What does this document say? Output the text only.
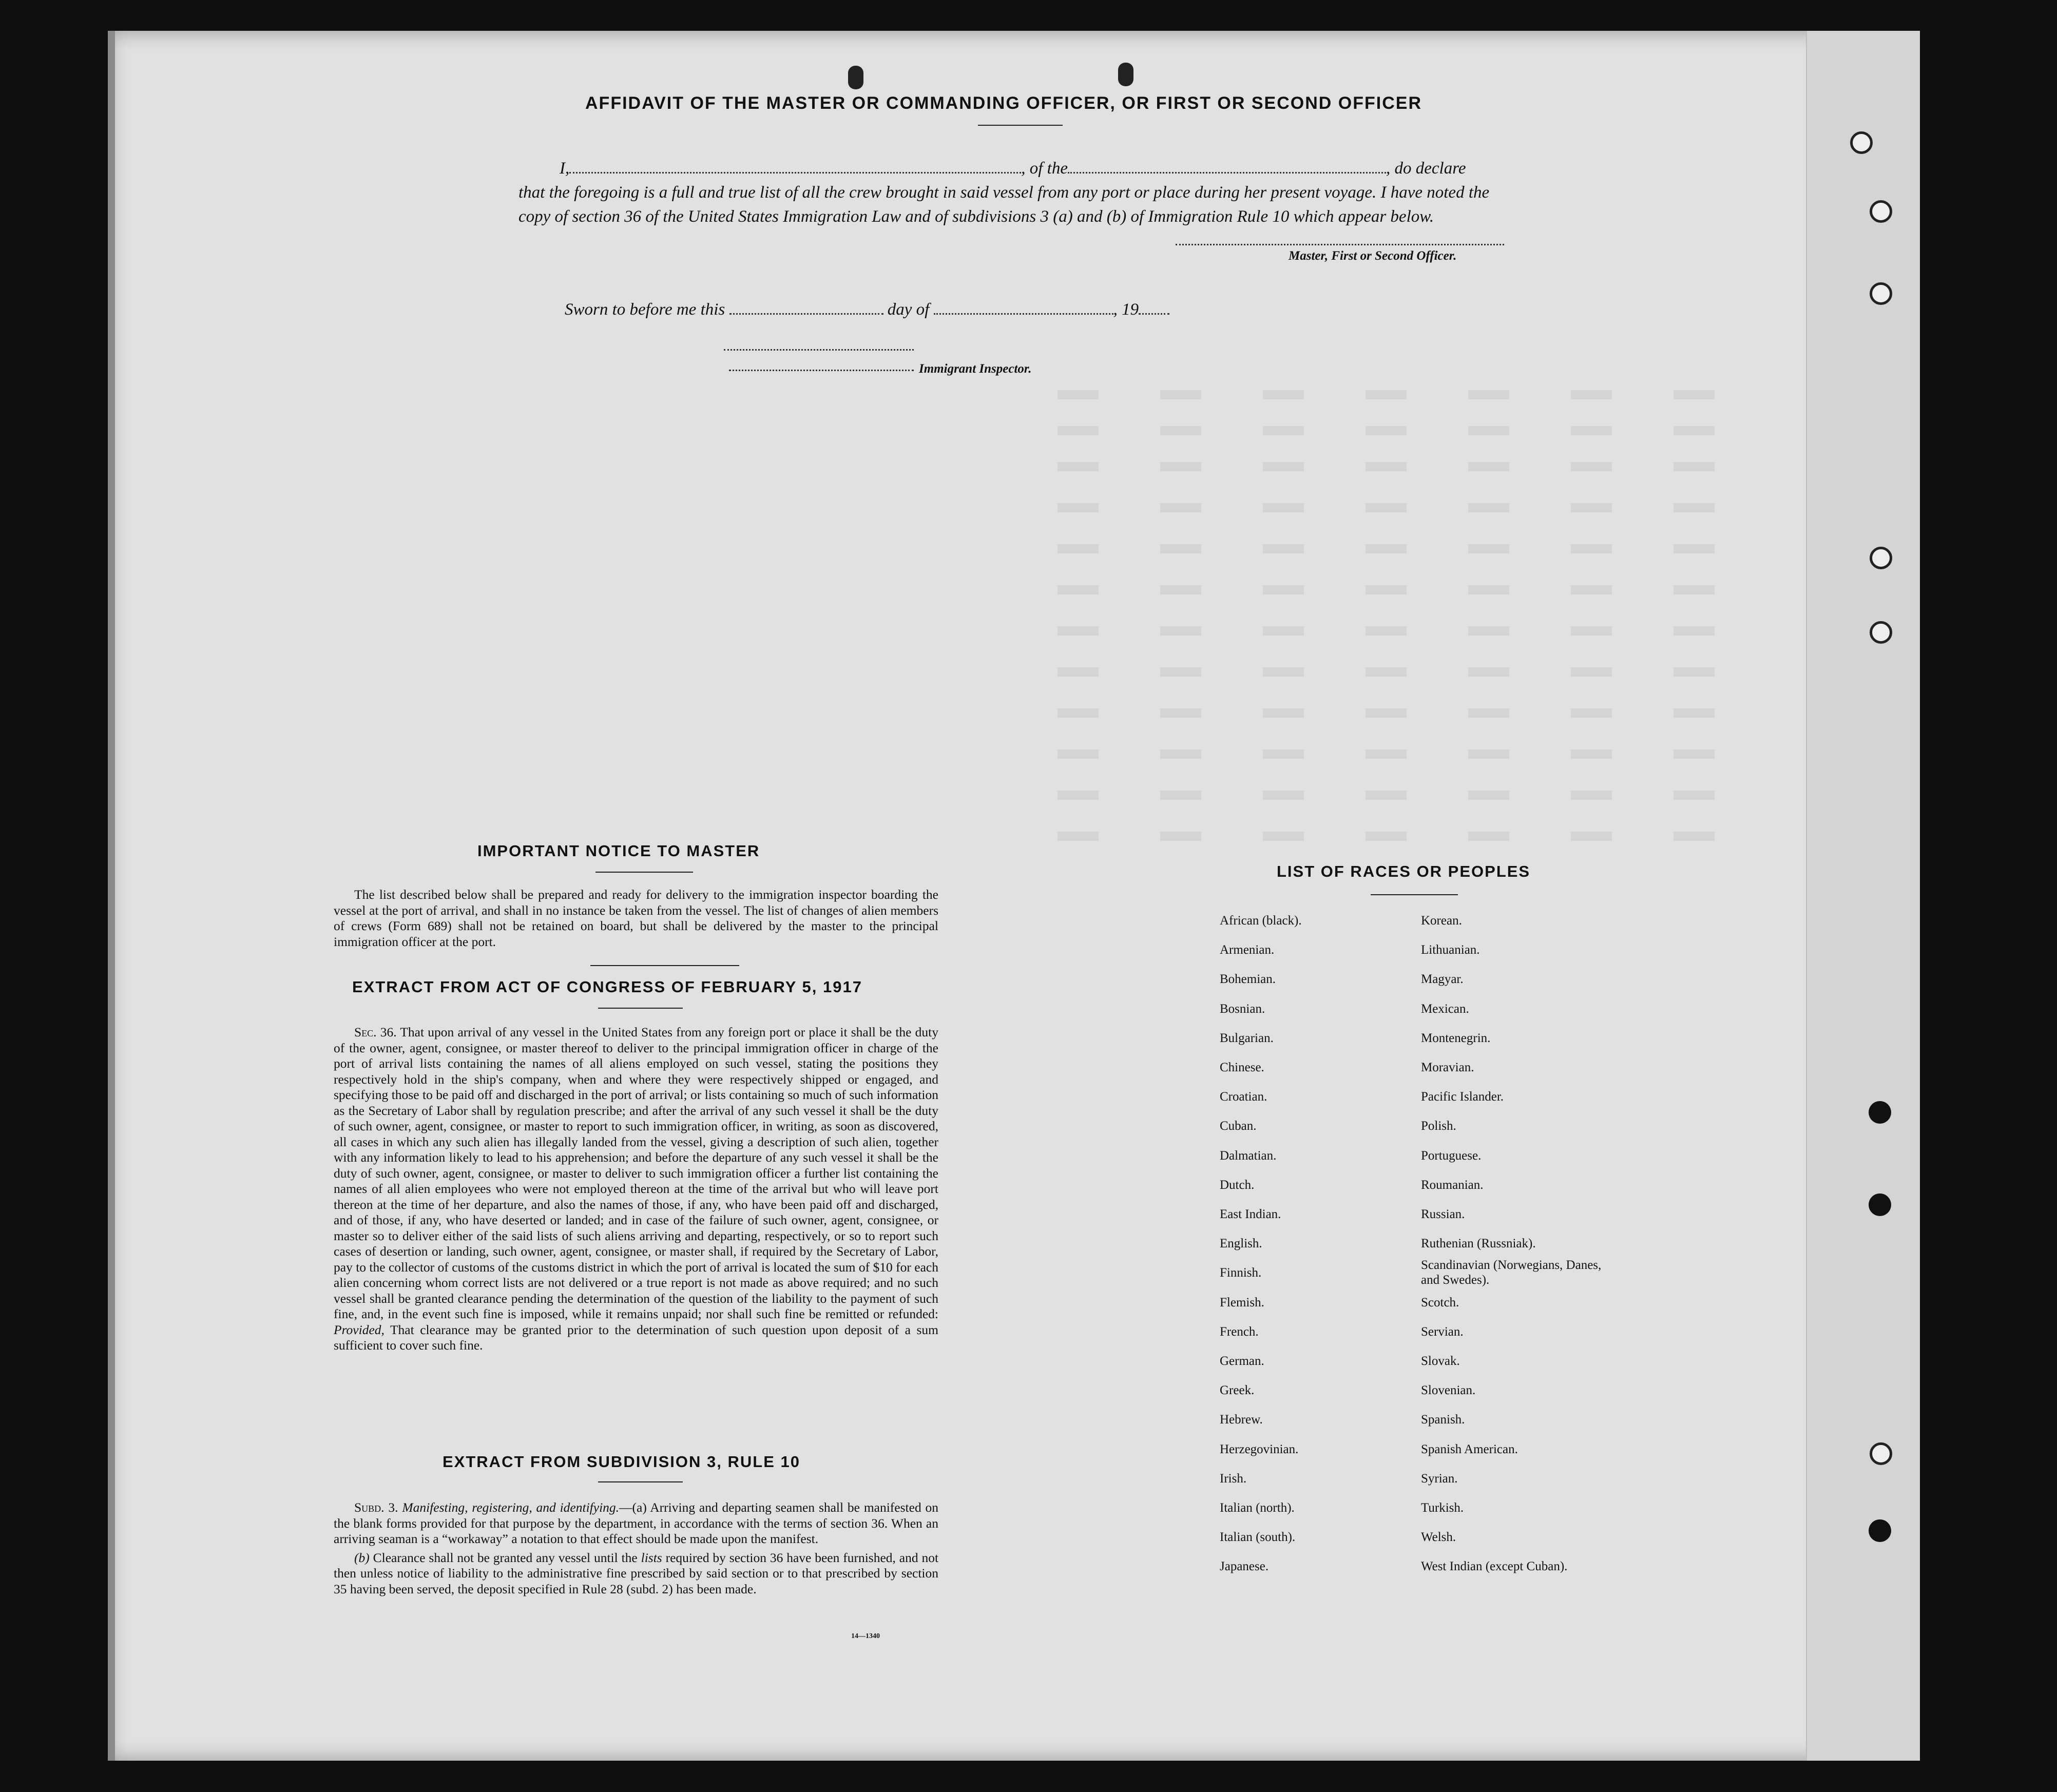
AFFIDAVIT OF THE MASTER OR COMMANDING OFFICER, OR FIRST OR SECOND OFFICER

I,	, of the	, do declare

that the foregoing is a full and true list of all the crew brought in said vessel from any port or place during her present voyage. I have noted the copy of section 36 of the United States Immigration Law and of subdivisions 3 (a) and (b) of Immigration Rule 10 which appear below.

Master, First or Second Officer.
Sworn to before me this	day of	, 19
Immigrant Inspector.
IMPORTANT NOTICE TO MASTER

The list described below shall be prepared and ready for delivery to the immigration inspector boarding the vessel at the port of arrival, and shall in no instance be taken from the vessel. The list of changes of alien members of crews (Form 689) shall not be retained on board, but shall be delivered by the master to the principal immigration officer at the port.

EXTRACT FROM ACT OF CONGRESS OF FEBRUARY 5, 1917

Sec. 36. That upon arrival of any vessel in the United States from any foreign port or place it shall be the duty of the owner, agent, consignee, or master thereof to deliver to the principal immigration officer in charge of the port of arrival lists containing the names of all aliens employed on such vessel, stating the positions they respectively hold in the ship's company, when and where they were respectively shipped or engaged, and specifying those to be paid off and discharged in the port of arrival; or lists containing so much of such information as the Secretary of Labor shall by regulation prescribe; and after the arrival of any such vessel it shall be the duty of such owner, agent, consignee, or master to report to such immigration officer, in writing, as soon as discovered, all cases in which any such alien has illegally landed from the vessel, giving a description of such alien, together with any information likely to lead to his apprehension; and before the departure of any such vessel it shall be the duty of such owner, agent, consignee, or master to deliver to such immigration officer a further list containing the names of all alien employees who were not employed thereon at the time of the arrival but who will leave port thereon at the time of her departure, and also the names of those, if any, who have been paid off and discharged, and of those, if any, who have deserted or landed; and in case of the failure of such owner, agent, consignee, or master so to deliver either of the said lists of such aliens arriving and departing, respectively, or so to report such cases of desertion or landing, such owner, agent, consignee, or master shall, if required by the Secretary of Labor, pay to the collector of customs of the customs district in which the port of arrival is located the sum of $10 for each alien concerning whom correct lists are not delivered or a true report is not made as above required; and no such vessel shall be granted clearance pending the determination of the question of the liability to the payment of such fine, and, in the event such fine is imposed, while it remains unpaid; nor shall such fine be remitted or refunded: Provided, That clearance may be granted prior to the determination of such question upon deposit of a sum sufficient to cover such fine.

EXTRACT FROM SUBDIVISION 3, RULE 10

Subd. 3. Manifesting, registering, and identifying.—(a) Arriving and departing seamen shall be manifested on the blank forms provided for that purpose by the department, in accordance with the terms of section 36. When an arriving seaman is a “workaway” a notation to that effect should be made upon the manifest.

(b) Clearance shall not be granted any vessel until the lists required by section 36 have been furnished, and not then unless notice of liability to the administrative fine prescribed by said section or to that prescribed by section 35 having been served, the deposit specified in Rule 28 (subd. 2) has been made.

14—1340
LIST OF RACES OR PEOPLES
African (black).
Armenian.
Bohemian.
Bosnian.
Bulgarian.
Chinese.
Croatian.
Cuban.
Dalmatian.
Dutch.
East Indian.
English.
Finnish.
Flemish.
French.
German.
Greek.
Hebrew.
Herzegovinian.
Irish.
Italian (north).
Italian (south).
Japanese.
Korean.
Lithuanian.
Magyar.
Mexican.
Montenegrin.
Moravian.
Pacific Islander.
Polish.
Portuguese.
Roumanian.
Russian.
Ruthenian (Russniak).
Scandinavian (Norwegians, Danes, and Swedes).
Scotch.
Servian.
Slovak.
Slovenian.
Spanish.
Spanish American.
Syrian.
Turkish.
Welsh.
West Indian (except Cuban).
